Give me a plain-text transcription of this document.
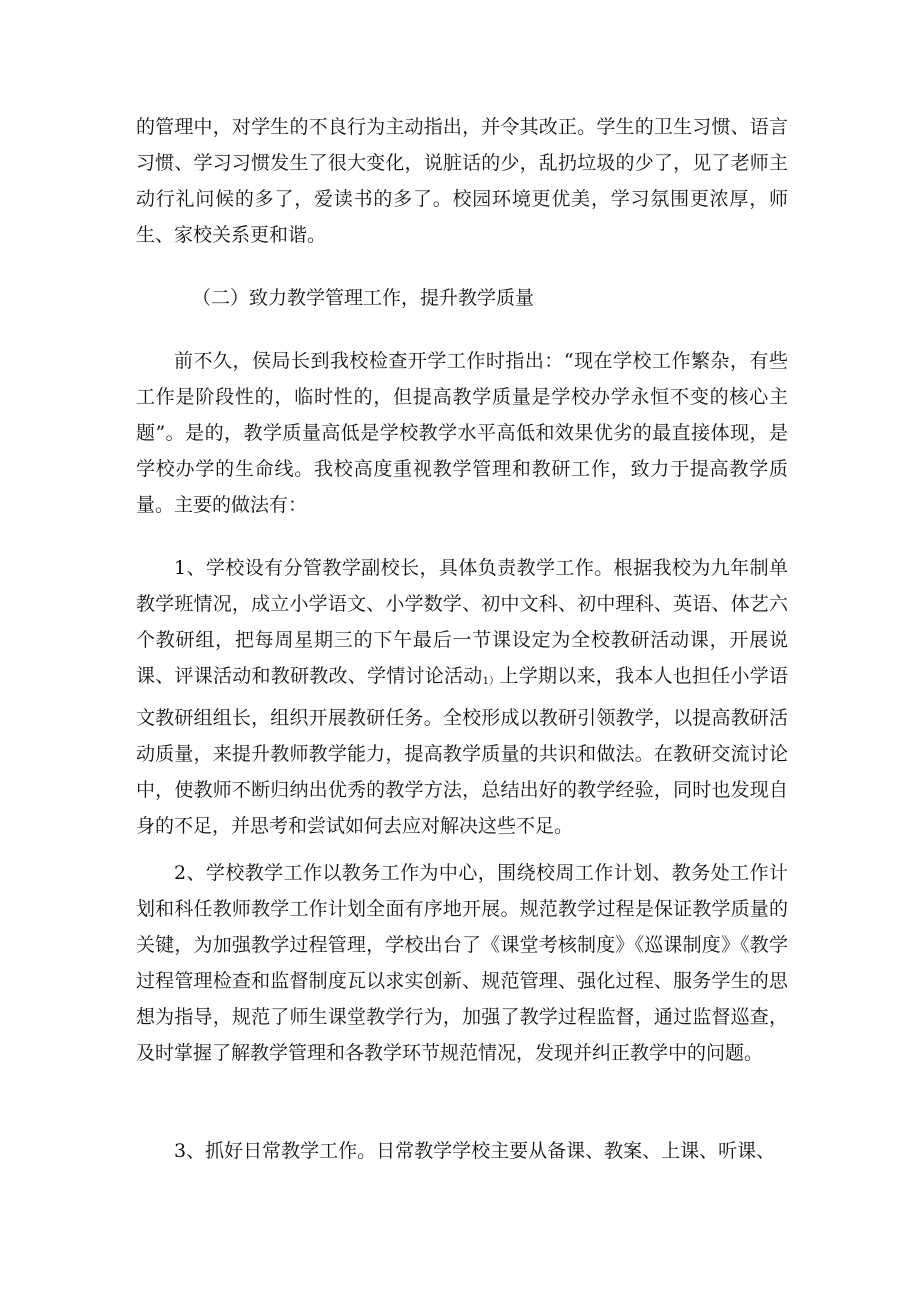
的管理中，对学生的不良行为主动指出，并令其改正。学生的卫生习惯、语言习惯、学习习惯发生了很大变化，说脏话的少，乱扔垃圾的少了，见了老师主动行礼问候的多了，爱读书的多了。校园环境更优美，学习氛围更浓厚，师生、家校关系更和谐。

（二）致力教学管理工作，提升教学质量

前不久，侯局长到我校检查开学工作时指出：“现在学校工作繁杂，有些工作是阶段性的，临时性的，但提高教学质量是学校办学永恒不变的核心主题”。是的，教学质量高低是学校教学水平高低和效果优劣的最直接体现，是学校办学的生命线。我校高度重视教学管理和教研工作，致力于提高教学质量。主要的做法有：

1、学校设有分管教学副校长，具体负责教学工作。根据我校为九年制单教学班情况，成立小学语文、小学数学、初中文科、初中理科、英语、体艺六个教研组，把每周星期三的下午最后一节课设定为全校教研活动课，开展说课、评课活动和教研教改、学情讨论活动$_{1)}$上学期以来，我本人也担任小学语文教研组组长，组织开展教研任务。全校形成以教研引领教学，以提高教研活动质量，来提升教师教学能力，提高教学质量的共识和做法。在教研交流讨论中，使教师不断归纳出优秀的教学方法，总结出好的教学经验，同时也发现自身的不足，并思考和尝试如何去应对解决这些不足。

2、学校教学工作以教务工作为中心，围绕校周工作计划、教务处工作计划和科任教师教学工作计划全面有序地开展。规范教学过程是保证教学质量的关键，为加强教学过程管理，学校出台了《课堂考核制度》《巡课制度》《教学过程管理检查和监督制度瓦以求实创新、规范管理、强化过程、服务学生的思想为指导，规范了师生课堂教学行为，加强了教学过程监督，通过监督巡查，及时掌握了解教学管理和各教学环节规范情况，发现并纠正教学中的问题。

3、抓好日常教学工作。日常教学学校主要从备课、教案、上课、听课、
